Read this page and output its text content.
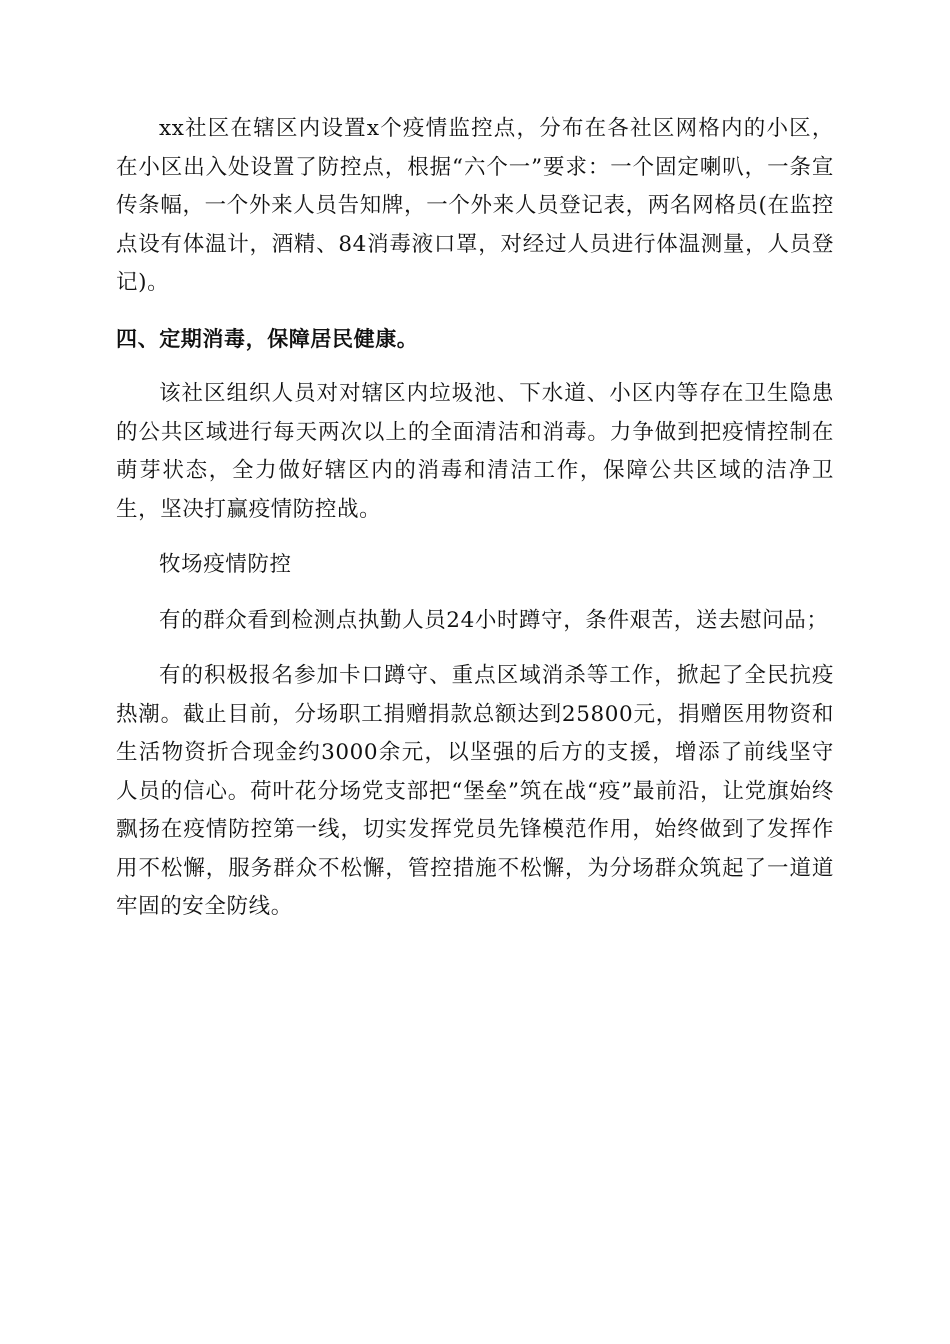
xx社区在辖区内设置x个疫情监控点，分布在各社区网格内的小区，在小区出入处设置了防控点，根据“六个一”要求：一个固定喇叭，一条宣传条幅，一个外来人员告知牌，一个外来人员登记表，两名网格员(在监控点设有体温计，酒精、84消毒液口罩，对经过人员进行体温测量，人员登记)。

四、定期消毒，保障居民健康。

该社区组织人员对对辖区内垃圾池、下水道、小区内等存在卫生隐患的公共区域进行每天两次以上的全面清洁和消毒。力争做到把疫情控制在萌芽状态，全力做好辖区内的消毒和清洁工作，保障公共区域的洁净卫生，坚决打赢疫情防控战。

牧场疫情防控

有的群众看到检测点执勤人员24小时蹲守，条件艰苦，送去慰问品；

有的积极报名参加卡口蹲守、重点区域消杀等工作，掀起了全民抗疫热潮。截止目前，分场职工捐赠捐款总额达到25800元，捐赠医用物资和生活物资折合现金约3000余元，以坚强的后方的支援，增添了前线坚守人员的信心。荷叶花分场党支部把“堡垒”筑在战“疫”最前沿，让党旗始终飘扬在疫情防控第一线，切实发挥党员先锋模范作用，始终做到了发挥作用不松懈，服务群众不松懈，管控措施不松懈，为分场群众筑起了一道道牢固的安全防线。
